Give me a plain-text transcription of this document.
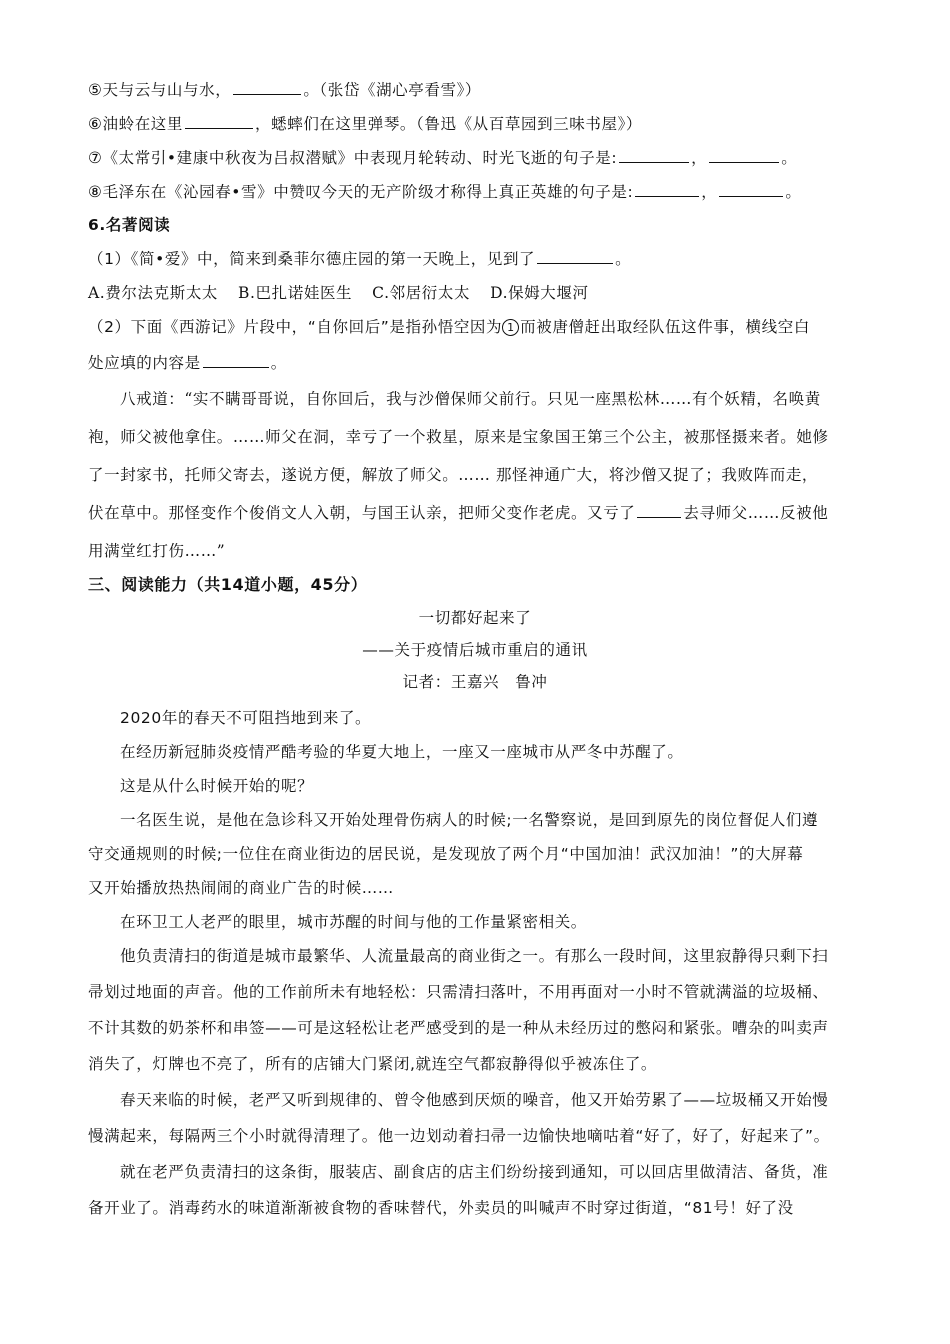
⑤天与云与山与水，	。（张岱《湖心亭看雪》）
⑥油蛉在这里	，蟋蟀们在这里弹琴。（鲁迅《从百草园到三味书屋》）
⑦《太常引•建康中秋夜为吕叔潜赋》中表现月轮转动、时光飞逝的句子是:	，	。
⑧毛泽东在《沁园春•雪》中赞叹今天的无产阶级才称得上真正英雄的句子是:	，	。
6.名著阅读
（1）《简•爱》中，简来到桑菲尔德庄园的第一天晚上，见到了	。
A.费尔法克斯太太 B.巴扎诺娃医生 C.邻居衍太太 D.保姆大堰河
（2）下面《西游记》片段中，“自你回后”是指孙悟空因为 1 而被唐僧赶出取经队伍这件事，横线空白
处应填的内容是	。
八戒道：“实不瞒哥哥说，自你回后，我与沙僧保师父前行。只见一座黑松林……有个妖精，名唤黄
袍，师父被他拿住。……师父在洞，幸亏了一个救星，原来是宝象国王第三个公主，被那怪摄来者。她修
了一封家书，托师父寄去，遂说方便，解放了师父。…… 那怪神通广大，将沙僧又捉了；我败阵而走，
伏在草中。那怪变作个俊俏文人入朝，与国王认亲，把师父变作老虎。又亏了	去寻师父……反被他
用满堂红打伤……”
三、阅读能力（共14道小题，45分）
一切都好起来了
——关于疫情后城市重启的通讯
记者：王嘉兴　鲁冲
2020年的春天不可阻挡地到来了。
在经历新冠肺炎疫情严酷考验的华夏大地上，一座又一座城市从严冬中苏醒了。
这是从什么时候开始的呢？
一名医生说，是他在急诊科又开始处理骨伤病人的时候;一名警察说，是回到原先的岗位督促人们遵
守交通规则的时候;一位住在商业街边的居民说，是发现放了两个月“中国加油！武汉加油！”的大屏幕
又开始播放热热闹闹的商业广告的时候……
在环卫工人老严的眼里，城市苏醒的时间与他的工作量紧密相关。
他负责清扫的街道是城市最繁华、人流量最高的商业街之一。有那么一段时间，这里寂静得只剩下扫
帚划过地面的声音。他的工作前所未有地轻松：只需清扫落叶，不用再面对一小时不管就满溢的垃圾桶、
不计其数的奶茶杯和串签——可是这轻松让老严感受到的是一种从未经历过的憋闷和紧张。嘈杂的叫卖声
消失了，灯牌也不亮了，所有的店铺大门紧闭,就连空气都寂静得似乎被冻住了。
春天来临的时候，老严又听到规律的、曾令他感到厌烦的噪音，他又开始劳累了——垃圾桶又开始慢
慢满起来，每隔两三个小时就得清理了。他一边划动着扫帚一边愉快地嘀咕着“好了，好了，好起来了”。
就在老严负责清扫的这条街，服装店、副食店的店主们纷纷接到通知，可以回店里做清洁、备货，准
备开业了。消毒药水的味道渐渐被食物的香味替代，外卖员的叫喊声不时穿过街道，“81号！好了没
